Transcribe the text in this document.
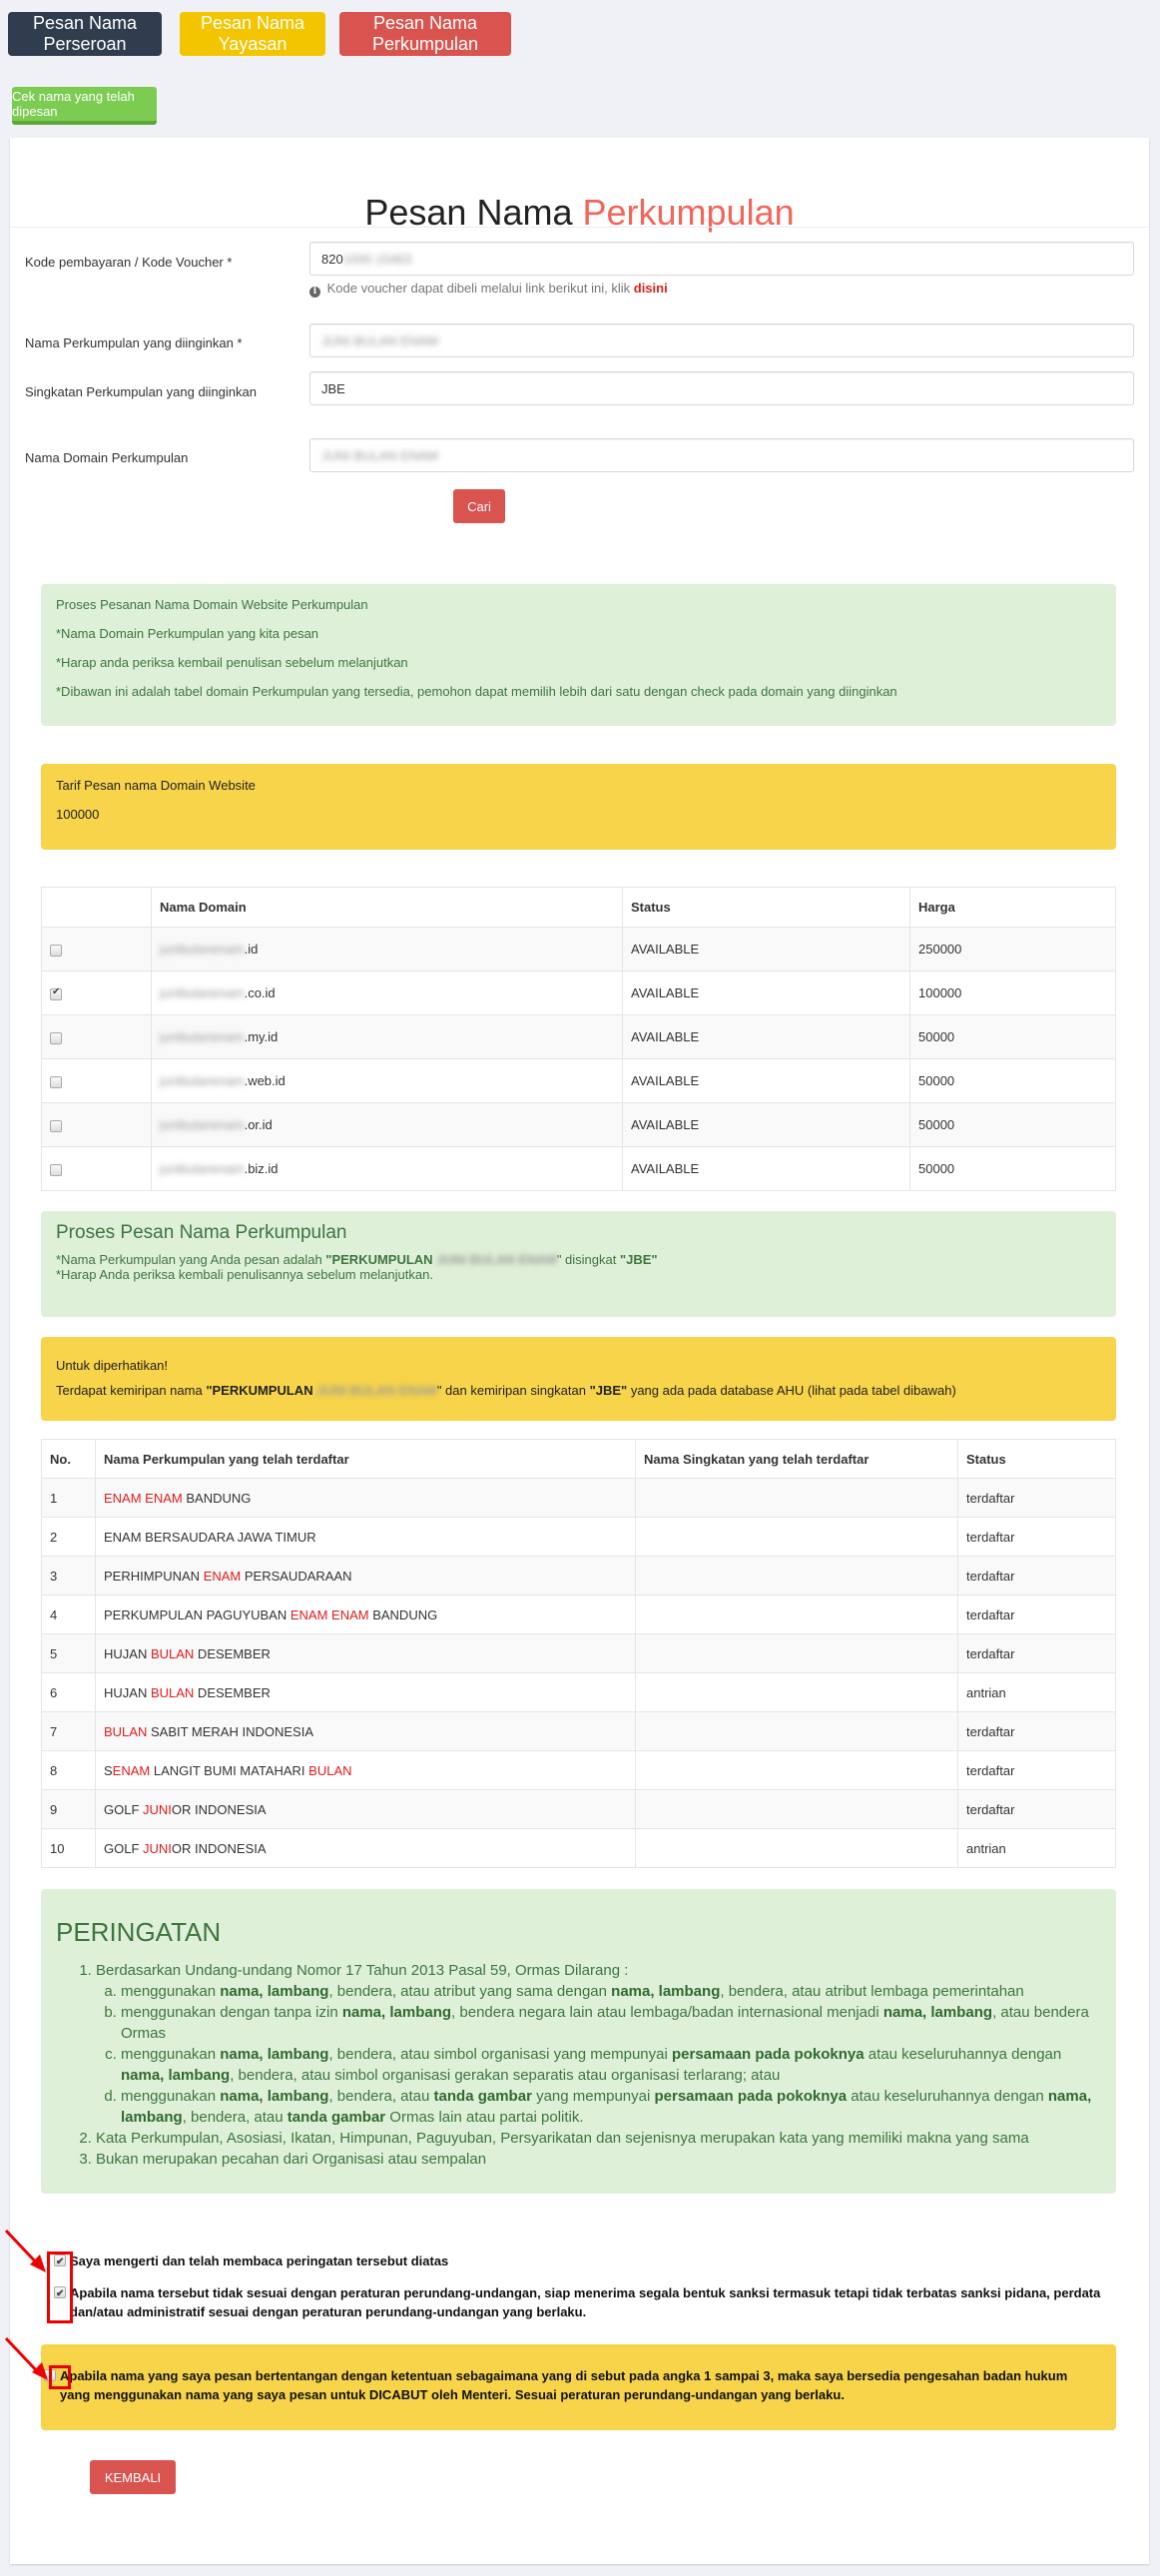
Pesan Nama Perseroan
Pesan Nama Yayasan
Pesan Nama Perkumpulan
Cek nama yang telah dipesan
Pesan Nama Perkumpulan
Kode pembayaran / Kode Voucher *	820 1000 15463
i Kode voucher dapat dibeli melalui link berikut ini, klik disini
Nama Perkumpulan yang diinginkan *	JUNI BULAN ENAM
Singkatan Perkumpulan yang diinginkan	JBE
Nama Domain Perkumpulan	JUNI BULAN ENAM
Cari

Proses Pesanan Nama Domain Website Perkumpulan

*Nama Domain Perkumpulan yang kita pesan

*Harap anda periksa kembail penulisan sebelum melanjutkan

*Dibawan ini adalah tabel domain Perkumpulan yang tersedia, pemohon dapat memilih lebih dari satu dengan check pada domain yang diinginkan

Tarif Pesan nama Domain Website

100000

	Nama Domain	Status	Harga
	junibulanenam.id	AVAILABLE	250000
✔	junibulanenam.co.id	AVAILABLE	100000
	junibulanenam.my.id	AVAILABLE	50000
	junibulanenam.web.id	AVAILABLE	50000
	junibulanenam.or.id	AVAILABLE	50000
	junibulanenam.biz.id	AVAILABLE	50000

Proses Pesan Nama Perkumpulan

*Nama Perkumpulan yang Anda pesan adalah "PERKUMPULAN JUNI BULAN ENAM" disingkat "JBE"

*Harap Anda periksa kembali penulisannya sebelum melanjutkan.

Untuk diperhatikan!

Terdapat kemiripan nama "PERKUMPULAN JUNI BULAN ENAM" dan kemiripan singkatan "JBE" yang ada pada database AHU (lihat pada tabel dibawah)

No.	Nama Perkumpulan yang telah terdaftar	Nama Singkatan yang telah terdaftar	Status
1	ENAM ENAM BANDUNG		terdaftar
2	ENAM BERSAUDARA JAWA TIMUR		terdaftar
3	PERHIMPUNAN ENAM PERSAUDARAAN		terdaftar
4	PERKUMPULAN PAGUYUBAN ENAM ENAM BANDUNG		terdaftar
5	HUJAN BULAN DESEMBER		terdaftar
6	HUJAN BULAN DESEMBER		antrian
7	BULAN SABIT MERAH INDONESIA		terdaftar
8	SENAM LANGIT BUMI MATAHARI BULAN		terdaftar
9	GOLF JUNIOR INDONESIA		terdaftar
10	GOLF JUNIOR INDONESIA		antrian
PERINGATAN
1. Berdasarkan Undang-undang Nomor 17 Tahun 2013 Pasal 59, Ormas Dilarang :
a. menggunakan nama, lambang, bendera, atau atribut yang sama dengan nama, lambang, bendera, atau atribut lembaga pemerintahan
b. menggunakan dengan tanpa izin nama, lambang, bendera negara lain atau lembaga/badan internasional menjadi nama, lambang, atau bendera Ormas
c. menggunakan nama, lambang, bendera, atau simbol organisasi yang mempunyai persamaan pada pokoknya atau keseluruhannya dengan nama, lambang, bendera, atau simbol organisasi gerakan separatis atau organisasi terlarang; atau
d. menggunakan nama, lambang, bendera, atau tanda gambar yang mempunyai persamaan pada pokoknya atau keseluruhannya dengan nama, lambang, bendera, atau tanda gambar Ormas lain atau partai politik.
2. Kata Perkumpulan, Asosiasi, Ikatan, Himpunan, Paguyuban, Persyarikatan dan sejenisnya merupakan kata yang memiliki makna yang sama
3. Bukan merupakan pecahan dari Organisasi atau sempalan
✔
Saya mengerti dan telah membaca peringatan tersebut diatas
✔
Apabila nama tersebut tidak sesuai dengan peraturan perundang-undangan, siap menerima segala bentuk sanksi termasuk tetapi tidak terbatas sanksi pidana, perdata dan/atau administratif sesuai dengan peraturan perundang-undangan yang berlaku.
Apabila nama yang saya pesan bertentangan dengan ketentuan sebagaimana yang di sebut pada angka 1 sampai 3, maka saya bersedia pengesahan badan hukum yang menggunakan nama yang saya pesan untuk DICABUT oleh Menteri. Sesuai peraturan perundang-undangan yang berlaku.
KEMBALI
